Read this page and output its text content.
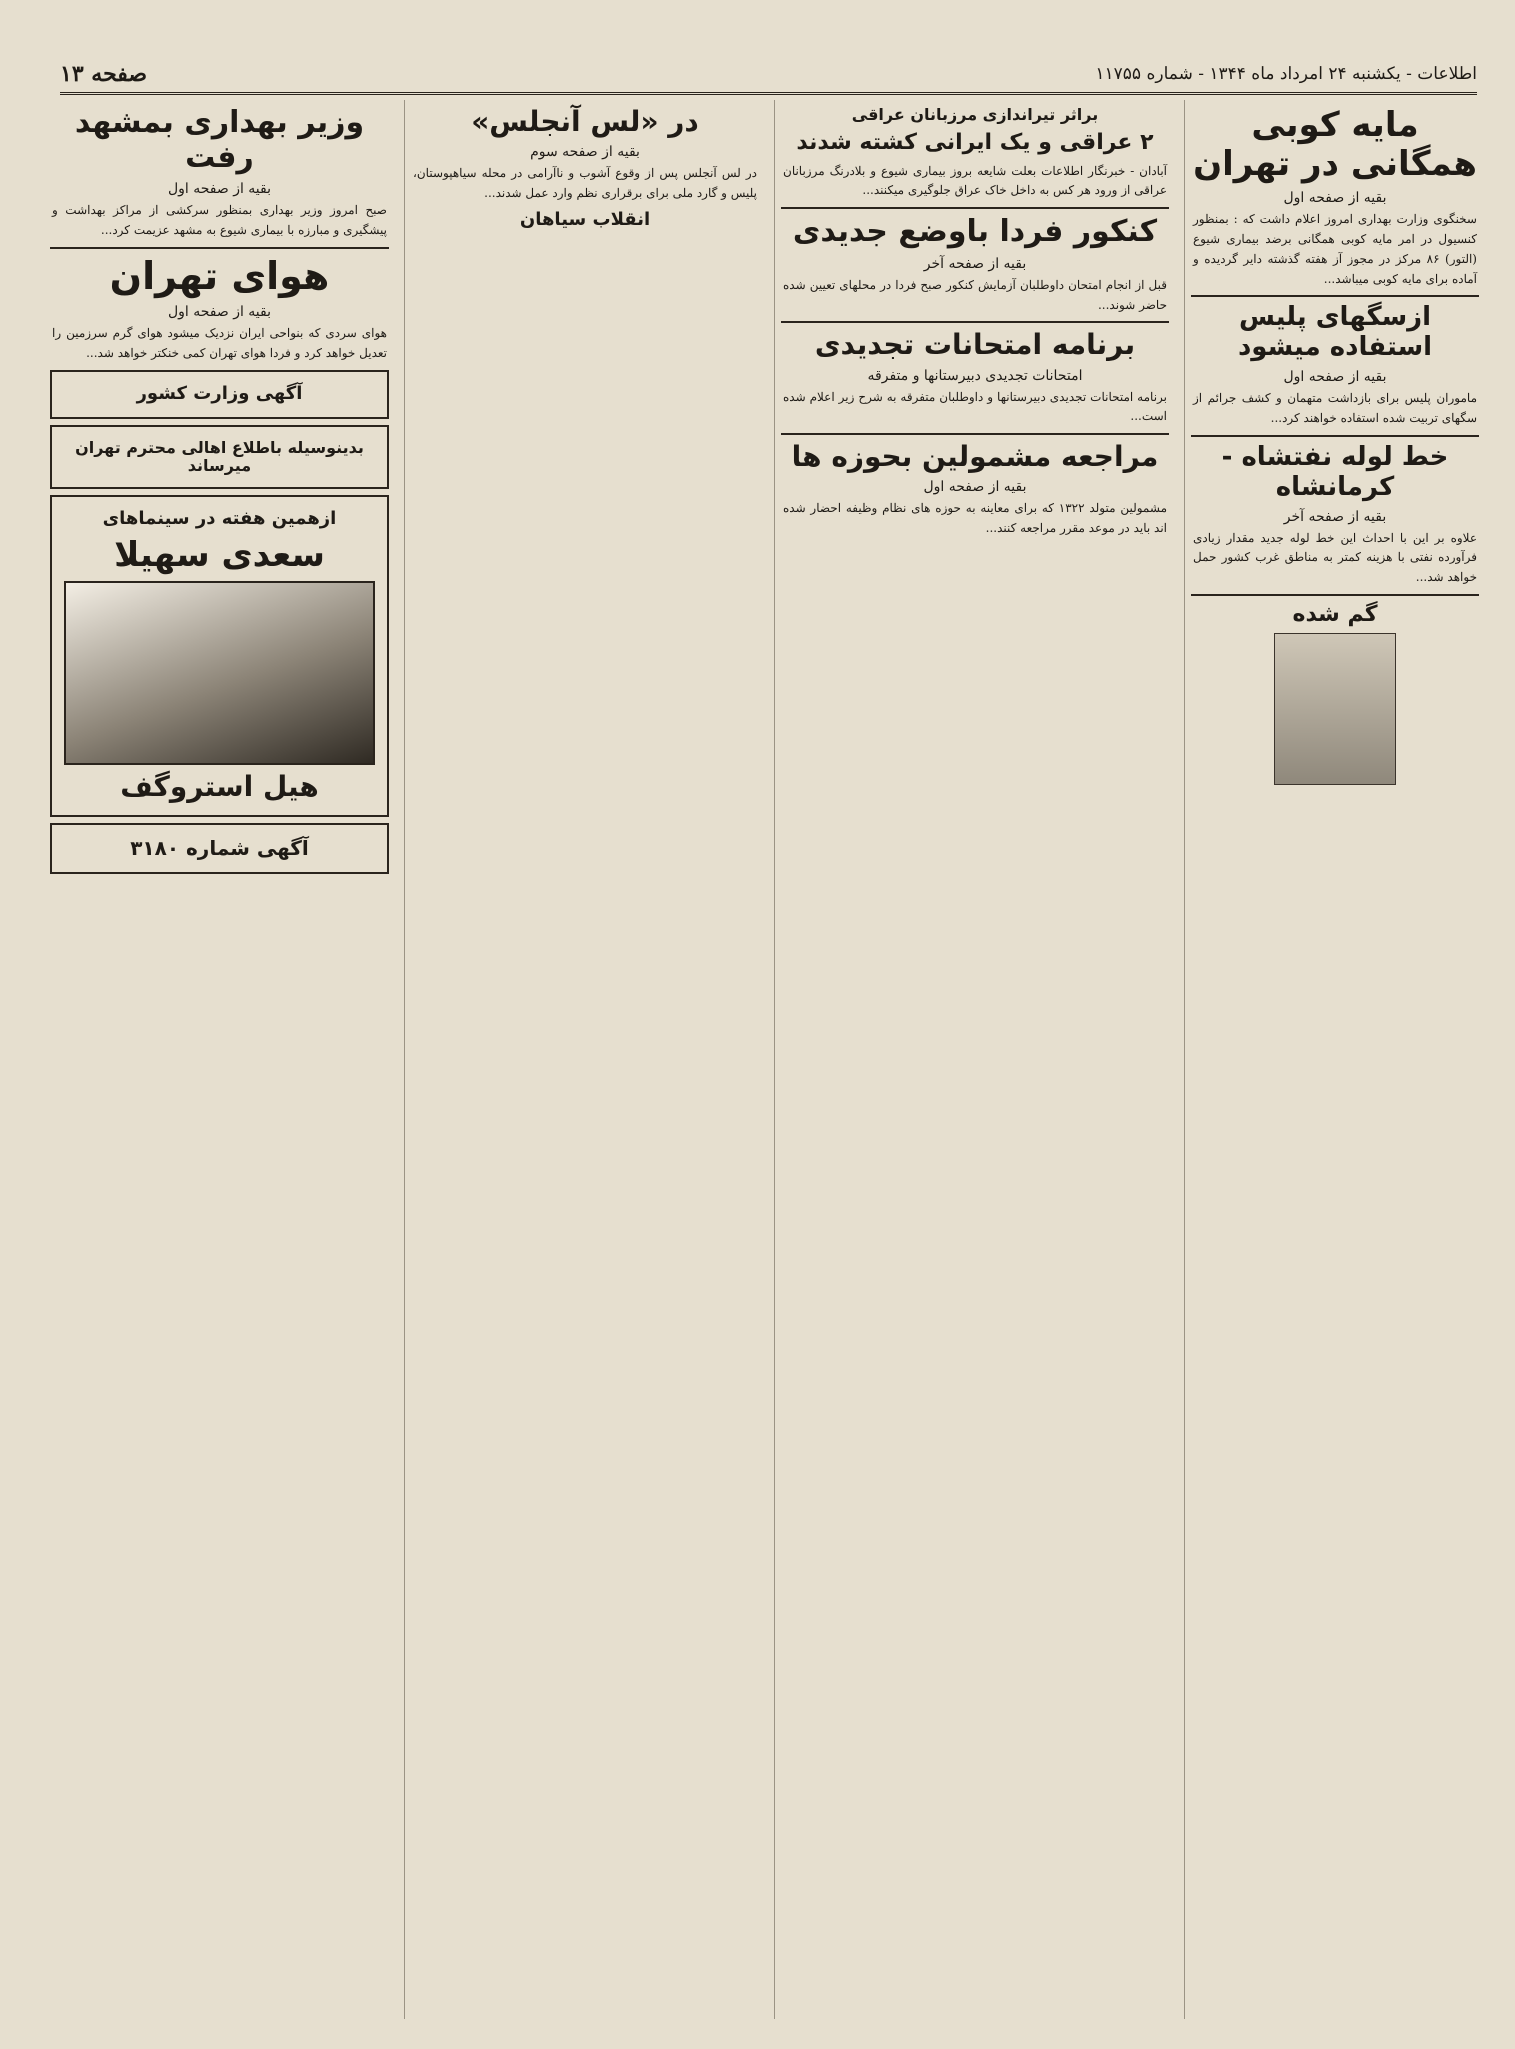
اطلاعات - یکشنبه ۲۴ امرداد ماه ۱۳۴۴ - شماره ۱۱۷۵۵
صفحه ۱۳
مایه کوبی همگانی در تهران
بقیه از صفحه اول
سخنگوی وزارت بهداری امروز اعلام داشت که : بمنظور کنسیول در امر مایه کوبی همگانی برضد بیماری شیوع (التور) ۸۶ مرکز در مجوز آز هفته گذشته دایر گردیده و آماده برای مایه کوبی میباشد...
ازسگهای پلیس استفاده میشود
بقیه از صفحه اول
ماموران پلیس برای بازداشت متهمان و کشف جرائم از سگهای تربیت شده استفاده خواهند کرد...
خط لوله نفتشاه - کرمانشاه
بقیه از صفحه آخر
علاوه بر این با احداث این خط لوله جدید مقدار زیادی فرآورده نفتی با هزینه کمتر به مناطق غرب کشور حمل خواهد شد...
گم شده
براثر تیراندازی مرزبانان عراقی
۲ عراقی و یک ایرانی کشته شدند
آبادان - خبرنگار اطلاعات بعلت شایعه بروز بیماری شیوع و بلادرنگ مرزبانان عراقی از ورود هر کس به داخل خاک عراق جلوگیری میکنند...
کنکور فردا باوضع جدیدی
بقیه از صفحه آخر
قبل از انجام امتحان داوطلبان آزمایش کنکور صبح فردا در محلهای تعیین شده حاضر شوند...
برنامه امتحانات تجدیدی
امتحانات تجدیدی دبیرستانها و متفرقه
برنامه امتحانات تجدیدی دبیرستانها و داوطلبان متفرقه به شرح زیر اعلام شده است...
مراجعه مشمولین بحوزه ها
بقیه از صفحه اول
مشمولین متولد ۱۳۲۲ که برای معاینه به حوزه های نظام وظیفه احضار شده اند باید در موعد مقرر مراجعه کنند...
در «لس آنجلس»
بقیه از صفحه سوم
در لس آنجلس پس از وقوع آشوب و ناآرامی در محله سیاهپوستان، پلیس و گارد ملی برای برقراری نظم وارد عمل شدند...
انقلاب سیاهان
وزیر بهداری بمشهد رفت
بقیه از صفحه اول
صبح امروز وزیر بهداری بمنظور سرکشی از مراکز بهداشت و پیشگیری و مبارزه با بیماری شیوع به مشهد عزیمت کرد...
هوای تهران
بقیه از صفحه اول
هوای سردی که بنواحی ایران نزدیک میشود هوای گرم سرزمین را تعدیل خواهد کرد و فردا هوای تهران کمی خنکتر خواهد شد...
آگهی وزارت کشور
بدینوسیله باطلاع اهالی محترم تهران میرساند
ازهمین هفته در سینماهای
سعدی سهیلا
هیل استروگف
آگهی شماره ۳۱۸۰
